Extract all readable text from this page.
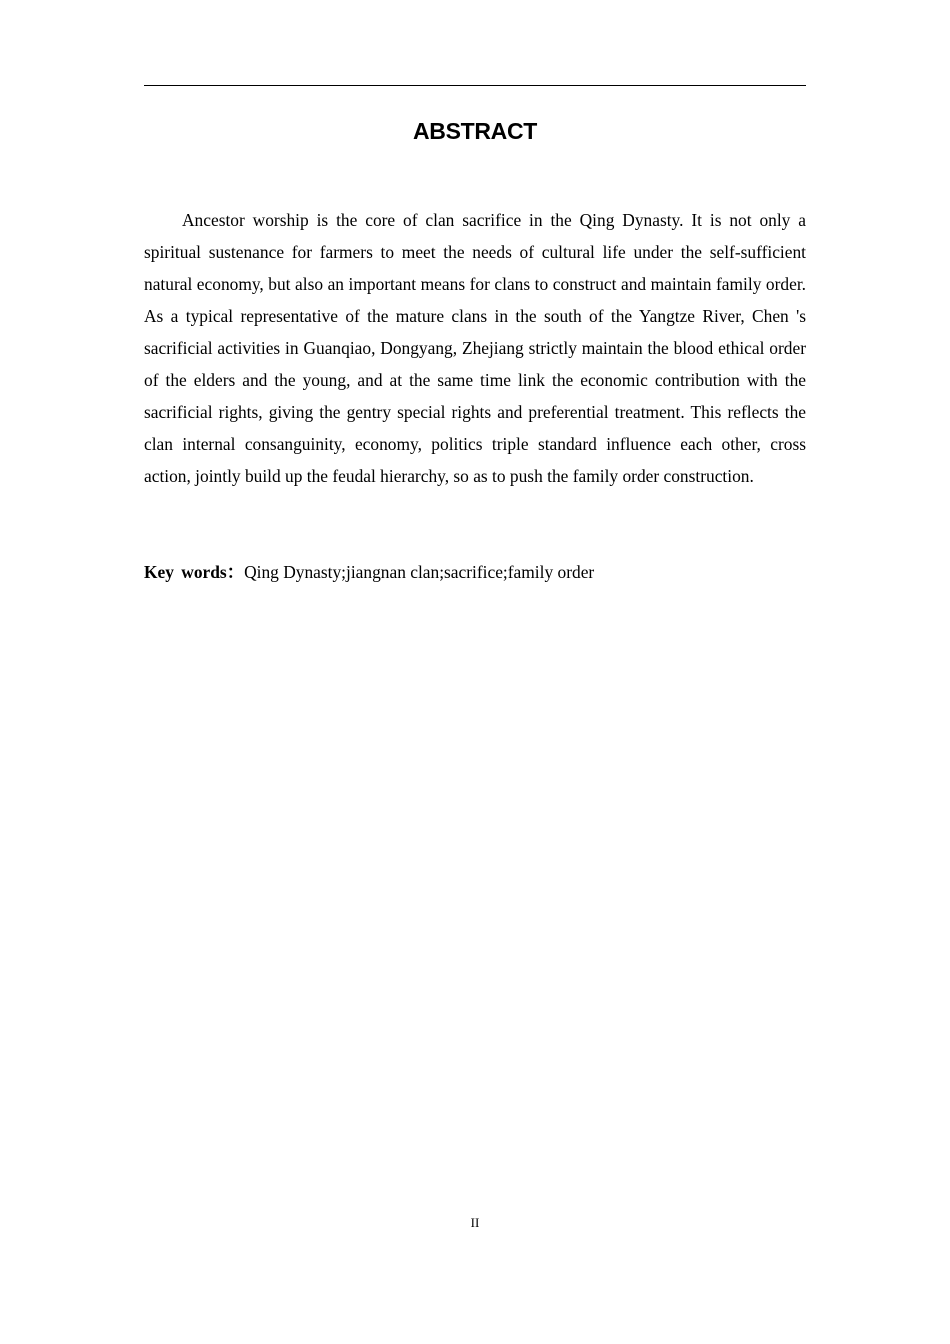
ABSTRACT

Ancestor worship is the core of clan sacrifice in the Qing Dynasty. It is not only a spiritual sustenance for farmers to meet the needs of cultural life under the self-sufficient natural economy, but also an important means for clans to construct and maintain family order. As a typical representative of the mature clans in the south of the Yangtze River, Chen 's sacrificial activities in Guanqiao, Dongyang, Zhejiang strictly maintain the blood ethical order of the elders and the young, and at the same time link the economic contribution with the sacrificial rights, giving the gentry special rights and preferential treatment. This reflects the clan internal consanguinity, economy, politics triple standard influence each other, cross action, jointly build up the feudal hierarchy, so as to push the family order construction.

Key words：Qing Dynasty;jiangnan clan;sacrifice;family order

II
